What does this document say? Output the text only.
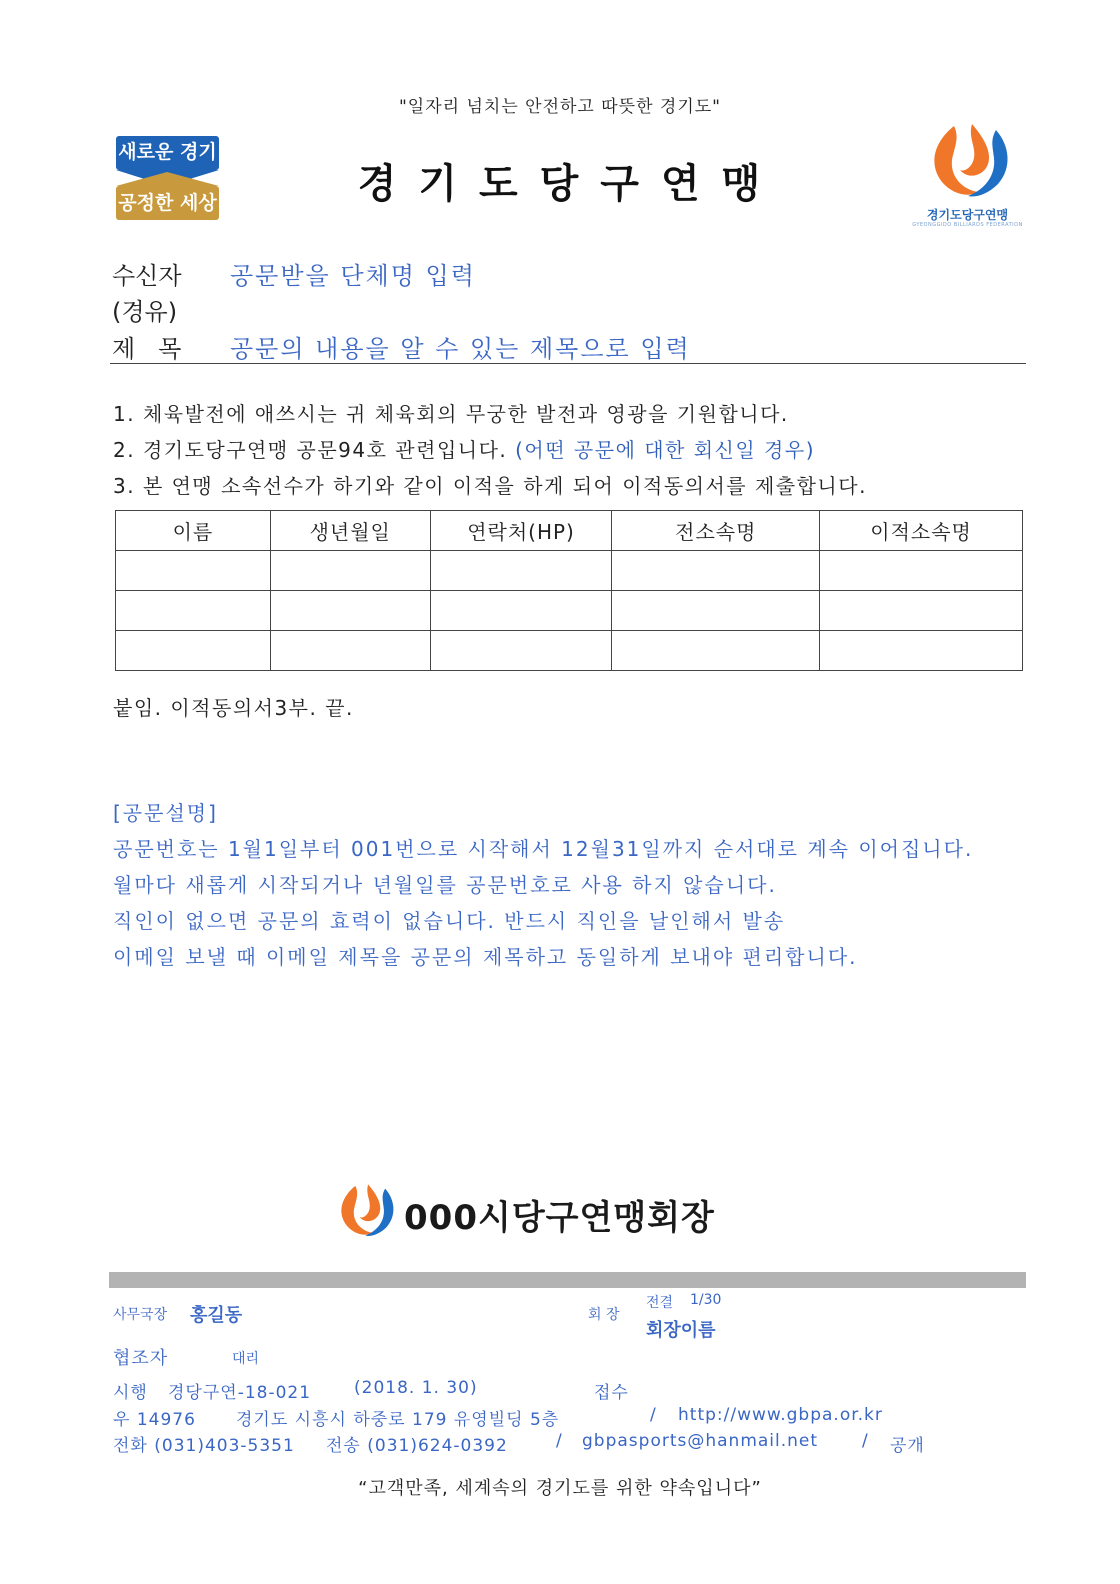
"일자리 넘치는 안전하고 따뜻한 경기도"
새로운 경기
공정한 세상	경기도당구연맹
경기도당구연맹
GYEONGGIDO BILLIARDS FEDERATION
수신자 공문받을 단체명 입력
(경유)
제   목 공문의 내용을 알 수 있는 제목으로 입력
1. 체육발전에 애쓰시는 귀 체육회의 무궁한 발전과 영광을 기원합니다.
2. 경기도당구연맹 공문94호 관련입니다. (어떤 공문에 대한 회신일 경우)
3. 본 연맹 소속선수가 하기와 같이 이적을 하게 되어 이적동의서를 제출합니다.
이름	생년월일	연락처(HP)	전소속명	이적소속명

붙임. 이적동의서3부. 끝.
[공문설명]
공문번호는 1월1일부터 001번으로 시작해서 12월31일까지 순서대로 계속 이어집니다.
월마다 새롭게 시작되거나 년월일를 공문번호로 사용 하지 않습니다.
직인이 없으면 공문의 효력이 없습니다. 반드시 직인을 날인해서 발송
이메일 보낼 때 이메일 제목을 공문의 제목하고 동일하게 보내야 편리합니다.
000시당구연맹회장
사무국장 홍길동	회 장
전결 1/30
회장이름
협조자	대리
시행 경당구연-18-021	(2018. 1. 30)	접수
우 14976 경기도 시흥시 하중로 179 유영빌딩 5층	/ http://www.gbpa.or.kr
전화 (031)403-5351 전송 (031)624-0392	/ gbpasports@hanmail.net	/ 공개
“고객만족, 세계속의 경기도를 위한 약속입니다”
